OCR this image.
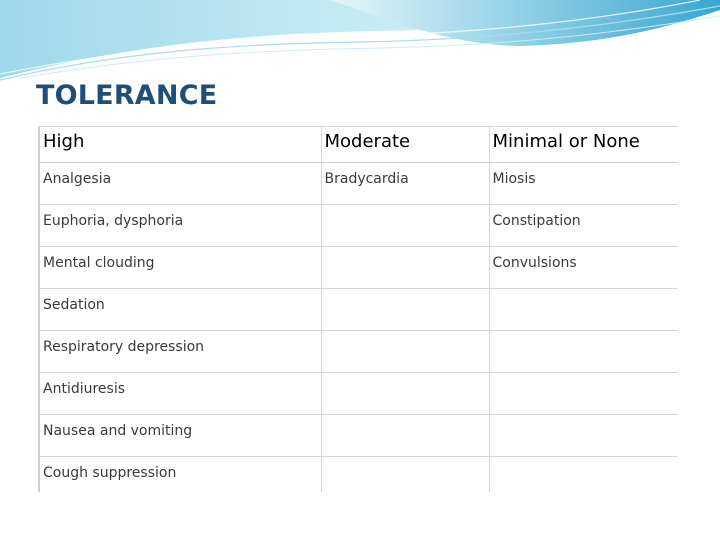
TOLERANCE
High	Moderate	Minimal or None
Analgesia	Bradycardia	Miosis
Euphoria, dysphoria		Constipation
Mental clouding		Convulsions
Sedation		
Respiratory depression		
Antidiuresis		
Nausea and vomiting		
Cough suppression		
